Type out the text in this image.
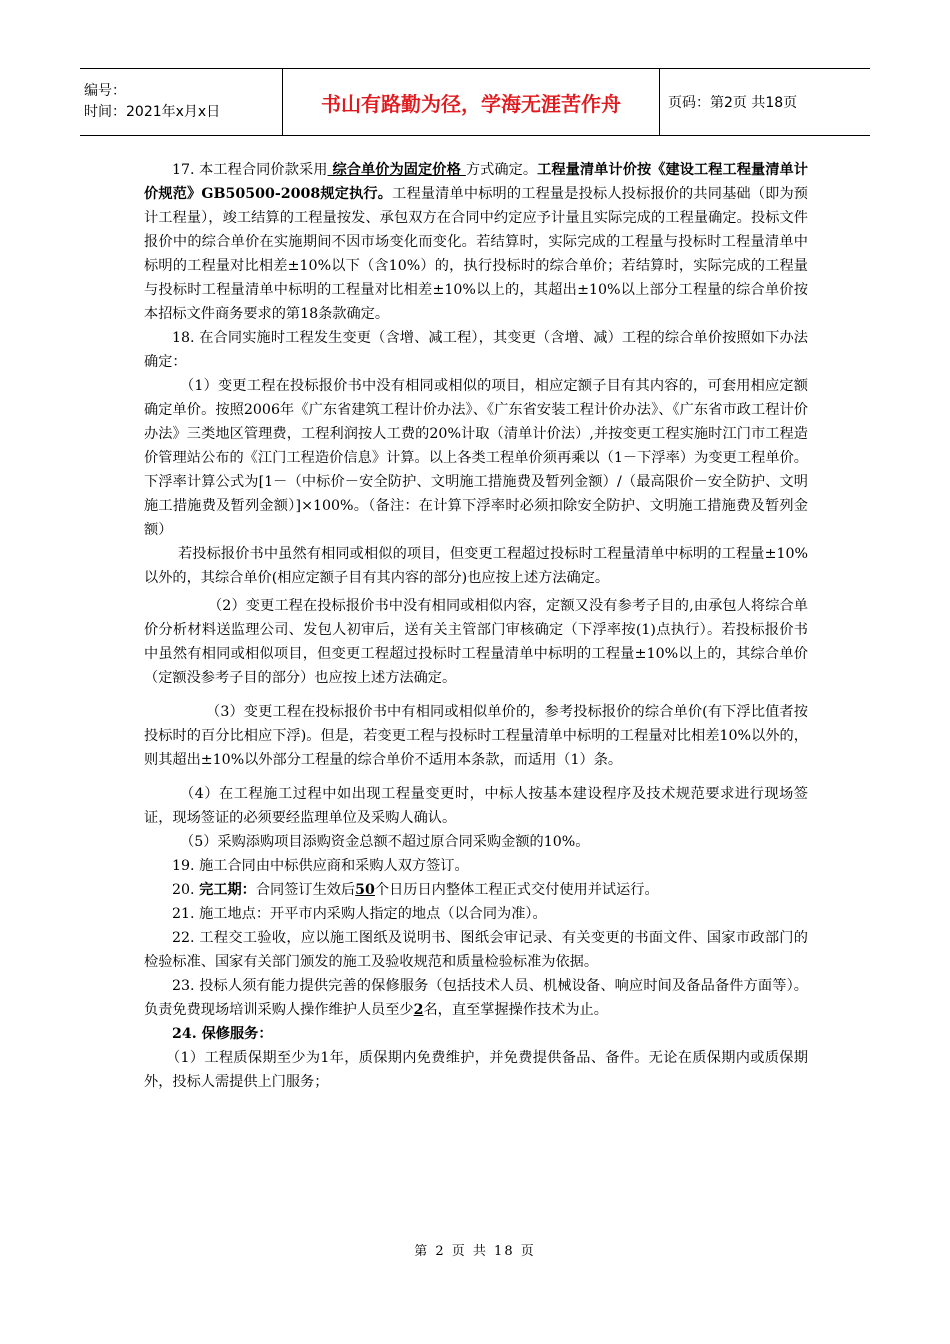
编号：
时间：2021年x月x日	书山有路勤为径，学海无涯苦作舟	页码：第2页 共18页

17. 本工程合同价款采用 综合单价为固定价格 方式确定。工程量清单计价按《建设工程工程量清单计价规范》GB50500-2008规定执行。工程量清单中标明的工程量是投标人投标报价的共同基础（即为预计工程量），竣工结算的工程量按发、承包双方在合同中约定应予计量且实际完成的工程量确定。投标文件报价中的综合单价在实施期间不因市场变化而变化。若结算时，实际完成的工程量与投标时工程量清单中标明的工程量对比相差±10%以下（含10%）的，执行投标时的综合单价；若结算时，实际完成的工程量与投标时工程量清单中标明的工程量对比相差±10%以上的，其超出±10%以上部分工程量的综合单价按本招标文件商务要求的第18条款确定。

18. 在合同实施时工程发生变更（含增、减工程），其变更（含增、减）工程的综合单价按照如下办法确定：

（1）变更工程在投标报价书中没有相同或相似的项目，相应定额子目有其内容的，可套用相应定额确定单价。按照2006年《广东省建筑工程计价办法》、《广东省安装工程计价办法》、《广东省市政工程计价办法》三类地区管理费，工程利润按人工费的20%计取（清单计价法）,并按变更工程实施时江门市工程造价管理站公布的《江门工程造价信息》计算。以上各类工程单价须再乘以（1－下浮率）为变更工程单价。下浮率计算公式为[1－（中标价－安全防护、文明施工措施费及暂列金额）/（最高限价－安全防护、文明施工措施费及暂列金额）]×100%。（备注：在计算下浮率时必须扣除安全防护、文明施工措施费及暂列金额）

若投标报价书中虽然有相同或相似的项目，但变更工程超过投标时工程量清单中标明的工程量±10%以外的，其综合单价(相应定额子目有其内容的部分)也应按上述方法确定。

（2）变更工程在投标报价书中没有相同或相似内容，定额又没有参考子目的,由承包人将综合单价分析材料送监理公司、发包人初审后，送有关主管部门审核确定（下浮率按(1)点执行）。若投标报价书中虽然有相同或相似项目，但变更工程超过投标时工程量清单中标明的工程量±10%以上的，其综合单价（定额没参考子目的部分）也应按上述方法确定。

（3）变更工程在投标报价书中有相同或相似单价的，参考投标报价的综合单价(有下浮比值者按投标时的百分比相应下浮)。但是，若变更工程与投标时工程量清单中标明的工程量对比相差10%以外的，则其超出±10%以外部分工程量的综合单价不适用本条款，而适用（1）条。

（4）在工程施工过程中如出现工程量变更时，中标人按基本建设程序及技术规范要求进行现场签证，现场签证的必须要经监理单位及采购人确认。

（5）采购添购项目添购资金总额不超过原合同采购金额的10%。

19. 施工合同由中标供应商和采购人双方签订。

20. 完工期：合同签订生效后50个日历日内整体工程正式交付使用并试运行。

21. 施工地点：开平市内采购人指定的地点（以合同为准）。

22. 工程交工验收，应以施工图纸及说明书、图纸会审记录、有关变更的书面文件、国家市政部门的检验标准、国家有关部门颁发的施工及验收规范和质量检验标准为依据。

23. 投标人须有能力提供完善的保修服务（包括技术人员、机械设备、响应时间及备品备件方面等）。负责免费现场培训采购人操作维护人员至少2名，直至掌握操作技术为止。

24. 保修服务：

（1）工程质保期至少为1年，质保期内免费维护，并免费提供备品、备件。无论在质保期内或质保期外，投标人需提供上门服务；

第 2 页 共 18 页
